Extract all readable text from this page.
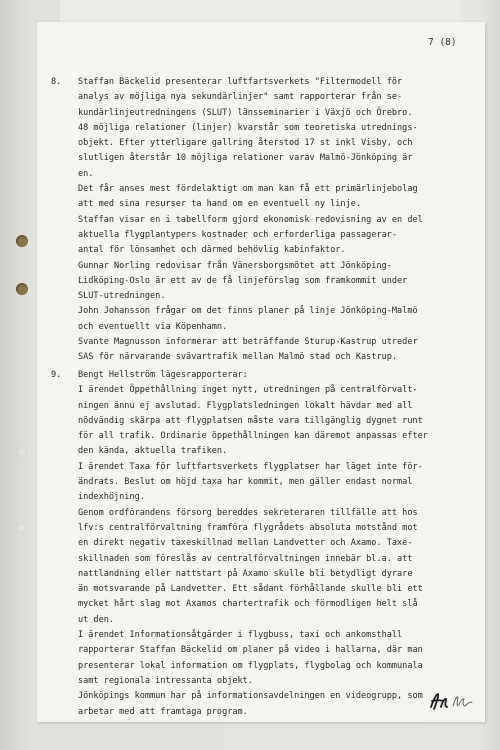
7 (8)

8.

	Staffan Bäckelid presenterar luftfartsverkets "Filtermodell för
analys av möjliga nya sekundärlinjer" samt rapporterar från se-
kundärlinjeutredningens (SLUT) länsseminarier i Växjö och Örebro.
48 möjliga relationer (linjer) kvarstår som teoretiska utrednings-
objekt. Efter ytterligare gallring återstod 17 st inkl Visby, och
slutligen återstår 10 möjliga relationer varav Malmö-Jönköping är
en.
Det får anses mest fördelaktigt om man kan få ett primärlinjebolag
att med sina resurser ta hand om en eventuell ny linje.
Staffan visar en i tabellform gjord ekonomisk redovisning av en del
aktuella flygplantypers kostnader och erforderliga passagerar-
antal för lönsamhet och därmed behövlig kabinfaktor.
Gunnar Norling redovisar från Vänersborgsmötet att Jönköping-
Lidköping-Oslo är ett av de få linjeförslag som framkommit under
SLUT-utredningen.
John Johansson frågar om det finns planer på linje Jönköping-Malmö
och eventuellt via Köpenhamn.
Svante Magnusson informerar att beträffande Sturup-Kastrup utreder
SAS för närvarande svävartrafik mellan Malmö stad och Kastrup.

9.

	Bengt Hellström lägesrapporterar:
I ärendet Öppethållning inget nytt, utredningen på centralförvalt-
ningen ännu ej avslutad. Flygplatsledningen lokalt hävdar med all
nödvändig skärpa att flygplatsen måste vara tillgänglig dygnet runt
för all trafik. Ordinarie öppethållningen kan däremot anpassas efter
den kända, aktuella trafiken.
I ärendet Taxa för luftfartsverkets flygplatser har läget inte för-
ändrats. Beslut om höjd taxa har kommit, men gäller endast normal
indexhöjning.
Genom ordförandens försorg bereddes sekreteraren tillfälle att hos
lfv:s centralförvaltning framföra flygrådets absoluta motstånd mot
en direkt negativ taxeskillnad mellan Landvetter och Axamo. Taxe-
skillnaden som föreslås av centralförvaltningen innebär bl.a. att
nattlandning eller nattstart på Axamo skulle bli betydligt dyrare
än motsvarande på Landvetter. Ett sådant förhållande skulle bli ett
mycket hårt slag mot Axamos chartertrafik och förmodligen helt slå
ut den.
I ärendet Informationsåtgärder i flygbuss, taxi och ankomsthall
rapporterar Staffan Bäckelid om planer på video i hallarna, där man
presenterar lokal information om flygplats, flygbolag och kommunala
samt regionala intressanta objekt.
Jönköpings kommun har på informationsavdelningen en videogrupp, som
arbetar med att framtaga program.
